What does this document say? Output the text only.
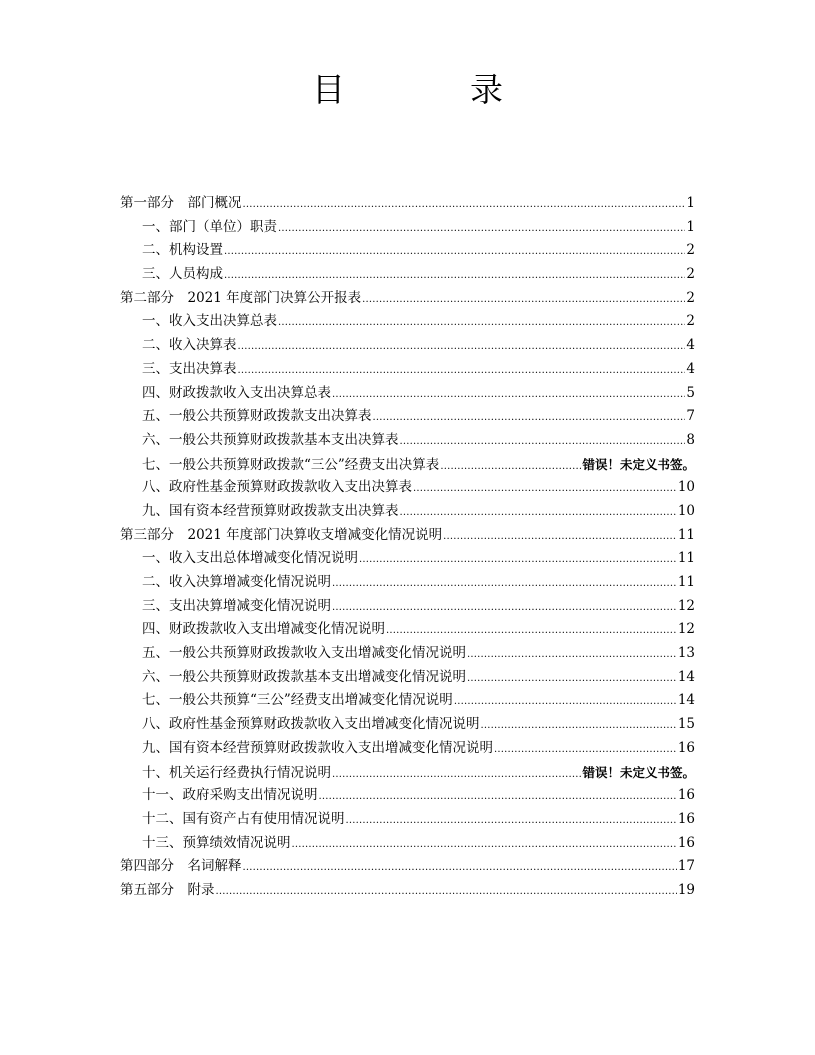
目　录
第一部分　部门概况 .....	1
一、部门（单位）职责 .....	1
二、机构设置 .....	2
三、人员构成 .....	2
第二部分　2021 年度部门决算公开报表 .....	2
一、收入支出决算总表 .....	2
二、收入决算表 .....	4
三、支出决算表 .....	4
四、财政拨款收入支出决算总表 .....	5
五、一般公共预算财政拨款支出决算表 .....	7
六、一般公共预算财政拨款基本支出决算表 .....	8
七、一般公共预算财政拨款“三公”经费支出决算表 .....	错误！未定义书签。
八、政府性基金预算财政拨款收入支出决算表 .....	10
九、国有资本经营预算财政拨款支出决算表 .....	10
第三部分　2021 年度部门决算收支增减变化情况说明 .....	11
一、收入支出总体增减变化情况说明 .....	11
二、收入决算增减变化情况说明 .....	11
三、支出决算增减变化情况说明 .....	12
四、财政拨款收入支出增减变化情况说明 .....	12
五、一般公共预算财政拨款收入支出增减变化情况说明 .....	13
六、一般公共预算财政拨款基本支出增减变化情况说明 .....	14
七、一般公共预算“三公”经费支出增减变化情况说明 .....	14
八、政府性基金预算财政拨款收入支出增减变化情况说明 .....	15
九、国有资本经营预算财政拨款收入支出增减变化情况说明 .....	16
十、机关运行经费执行情况说明 .....	错误！未定义书签。
十一、政府采购支出情况说明 .....	16
十二、国有资产占有使用情况说明 .....	16
十三、预算绩效情况说明 .....	16
第四部分　名词解释 .....	17
第五部分　附录 .....	19
